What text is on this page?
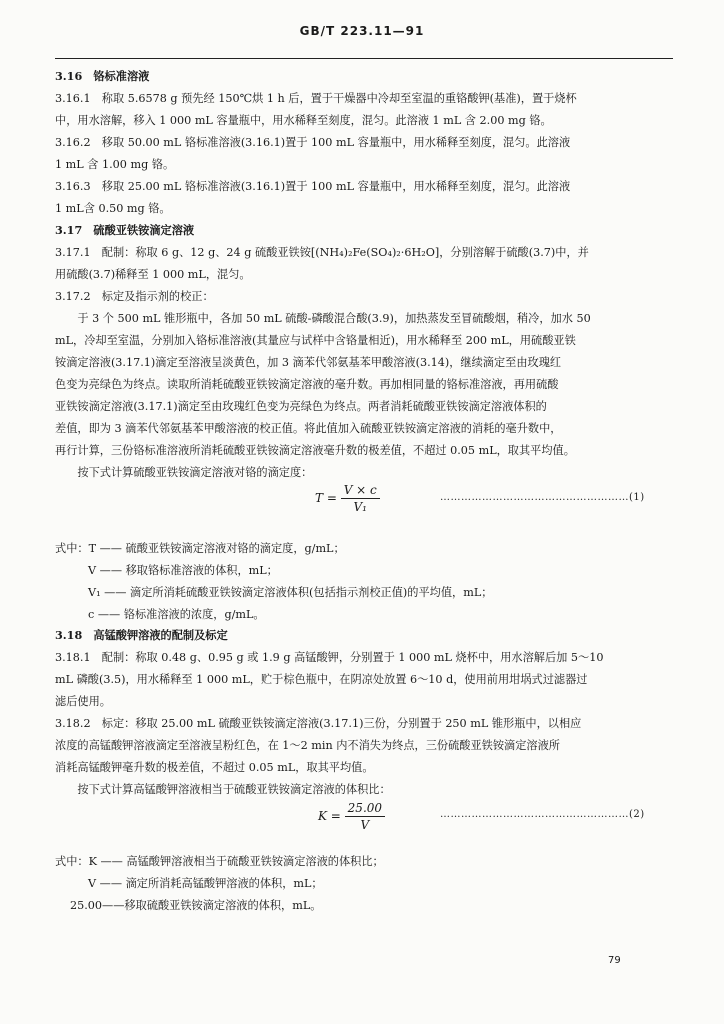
GB/T 223.11—91
3.16　铬标准溶液
3.16.1　称取 5.6578 g 预先经 150℃烘 1 h 后，置于干燥器中冷却至室温的重铬酸钾(基准)，置于烧杯
中，用水溶解，移入 1 000 mL 容量瓶中，用水稀释至刻度，混匀。此溶液 1 mL 含 2.00 mg 铬。
3.16.2　移取 50.00 mL 铬标准溶液(3.16.1)置于 100 mL 容量瓶中，用水稀释至刻度，混匀。此溶液
1 mL 含 1.00 mg 铬。
3.16.3　移取 25.00 mL 铬标准溶液(3.16.1)置于 100 mL 容量瓶中，用水稀释至刻度，混匀。此溶液
1 mL含 0.50 mg 铬。
3.17　硫酸亚铁铵滴定溶液
3.17.1　配制：称取 6 g、12 g、24 g 硫酸亚铁铵[(NH₄)₂Fe(SO₄)₂·6H₂O]，分别溶解于硫酸(3.7)中，并
用硫酸(3.7)稀释至 1 000 mL，混匀。
3.17.2　标定及指示剂的校正：
　　于 3 个 500 mL 锥形瓶中，各加 50 mL 硫酸-磷酸混合酸(3.9)，加热蒸发至冒硫酸烟，稍冷，加水 50
mL，冷却至室温，分别加入铬标准溶液(其量应与试样中含铬量相近)，用水稀释至 200 mL，用硫酸亚铁
铵滴定溶液(3.17.1)滴定至溶液呈淡黄色，加 3 滴苯代邻氨基苯甲酸溶液(3.14)，继续滴定至由玫瑰红
色变为亮绿色为终点。读取所消耗硫酸亚铁铵滴定溶液的毫升数。再加相同量的铬标准溶液，再用硫酸
亚铁铵滴定溶液(3.17.1)滴定至由玫瑰红色变为亮绿色为终点。两者消耗硫酸亚铁铵滴定溶液体积的
差值，即为 3 滴苯代邻氨基苯甲酸溶液的校正值。将此值加入硫酸亚铁铵滴定溶液的消耗的毫升数中，
再行计算，三份铬标准溶液所消耗硫酸亚铁铵滴定溶液毫升数的极差值，不超过 0.05 mL，取其平均值。
　　按下式计算硫酸亚铁铵滴定溶液对铬的滴定度：
$T = \frac{V \times c}{\text{V₁}}$	………………………………………………(1)
式中：T —— 硫酸亚铁铵滴定溶液对铬的滴定度，g/mL；
V —— 移取铬标准溶液的体积，mL；
V₁ —— 滴定所消耗硫酸亚铁铵滴定溶液体积(包括指示剂校正值)的平均值，mL；
c —— 铬标准溶液的浓度，g/mL。
3.18　高锰酸钾溶液的配制及标定
3.18.1　配制：称取 0.48 g、0.95 g 或 1.9 g 高锰酸钾，分别置于 1 000 mL 烧杯中，用水溶解后加 5～10
mL 磷酸(3.5)，用水稀释至 1 000 mL，贮于棕色瓶中，在阴凉处放置 6～10 d，使用前用坩埚式过滤器过
滤后使用。
3.18.2　标定：移取 25.00 mL 硫酸亚铁铵滴定溶液(3.17.1)三份，分别置于 250 mL 锥形瓶中，以相应
浓度的高锰酸钾溶液滴定至溶液呈粉红色，在 1～2 min 内不消失为终点，三份硫酸亚铁铵滴定溶液所
消耗高锰酸钾毫升数的极差值，不超过 0.05 mL，取其平均值。
　　按下式计算高锰酸钾溶液相当于硫酸亚铁铵滴定溶液的体积比：
$K = \frac{25.00}{V}$	………………………………………………(2)
式中：K —— 高锰酸钾溶液相当于硫酸亚铁铵滴定溶液的体积比；
V —— 滴定所消耗高锰酸钾溶液的体积，mL；
25.00——移取硫酸亚铁铵滴定溶液的体积，mL。
79
